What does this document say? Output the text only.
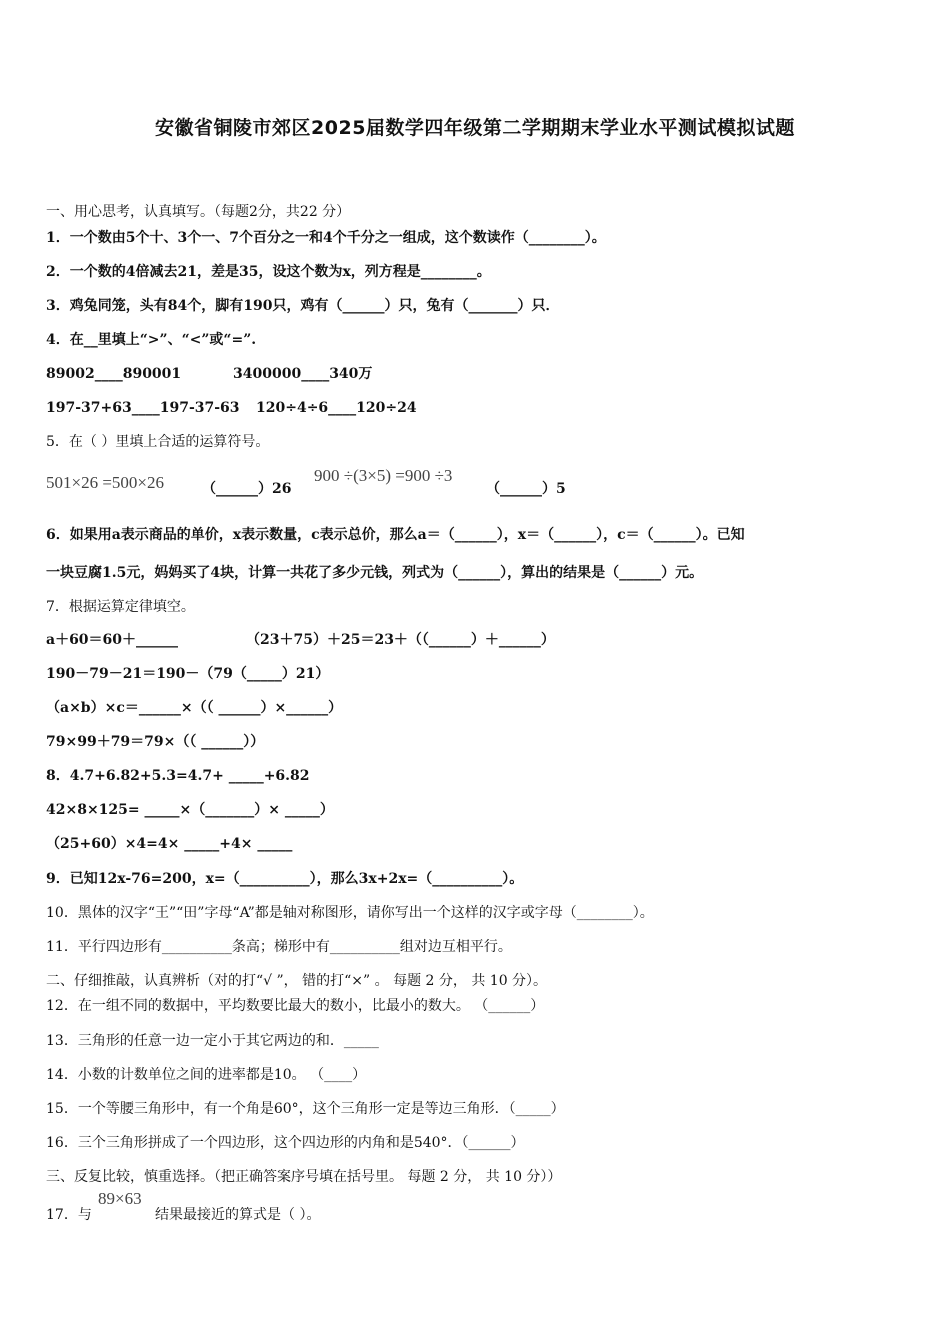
安徽省铜陵市郊区2025届数学四年级第二学期期末学业水平测试模拟试题
一、用心思考，认真填写。（每题2分，共22 分）
1．一个数由5个十、3个一、7个百分之一和4个千分之一组成，这个数读作（________）。
2．一个数的4倍减去21，差是35，设这个数为x，列方程是________。
3．鸡兔同笼，头有84个，脚有190只，鸡有（______）只，兔有（_______）只．
4．在__里填上“>”、“<”或“=”.
89002____890001	3400000____340万
197-37+63____197-37-63 120÷4÷6____120÷24
5．在（ ）里填上合适的运算符号。
501×26 =500×26	（______）26
900 ÷(3×5) =900 ÷3
（______）5
6．如果用a表示商品的单价，x表示数量，c表示总价，那么a＝（______），x＝（______），c＝（______）。已知
一块豆腐1.5元，妈妈买了4块，计算一共花了多少元钱，列式为（______），算出的结果是（______）元。
7．根据运算定律填空。
a＋60＝60＋______	（23＋75）＋25＝23＋（（______）＋______）
190－79－21＝190－（79（_____）21）
（a×b）×c＝______×（（ ______）×______）
79×99＋79＝79×（（ ______））
8．4.7+6.82+5.3=4.7+ _____+6.82
42×8×125= _____×（_______）× _____）
（25+60）×4=4× _____+4× _____
9．已知12x-76=200，x=（__________），那么3x+2x=（__________）。
10．黑体的汉字“王”“田”字母“A”都是轴对称图形，请你写出一个这样的汉字或字母（________）。
11．平行四边形有__________条高；梯形中有__________组对边互相平行。
二、仔细推敲，认真辨析（对的打“√ ”， 错的打“×” 。 每题 2 分， 共 10 分）。
12．在一组不同的数据中，平均数要比最大的数小，比最小的数大。 （______）
13．三角形的任意一边一定小于其它两边的和．_____
14．小数的计数单位之间的进率都是10。 （____）
15．一个等腰三角形中，有一个角是60°，这个三角形一定是等边三角形．（_____）
16．三个三角形拼成了一个四边形，这个四边形的内角和是540°．（______）
三、反复比较，慎重选择。（把正确答案序号填在括号里。 每题 2 分， 共 10 分））
17．与
89×63
结果最接近的算式是（ ）。
